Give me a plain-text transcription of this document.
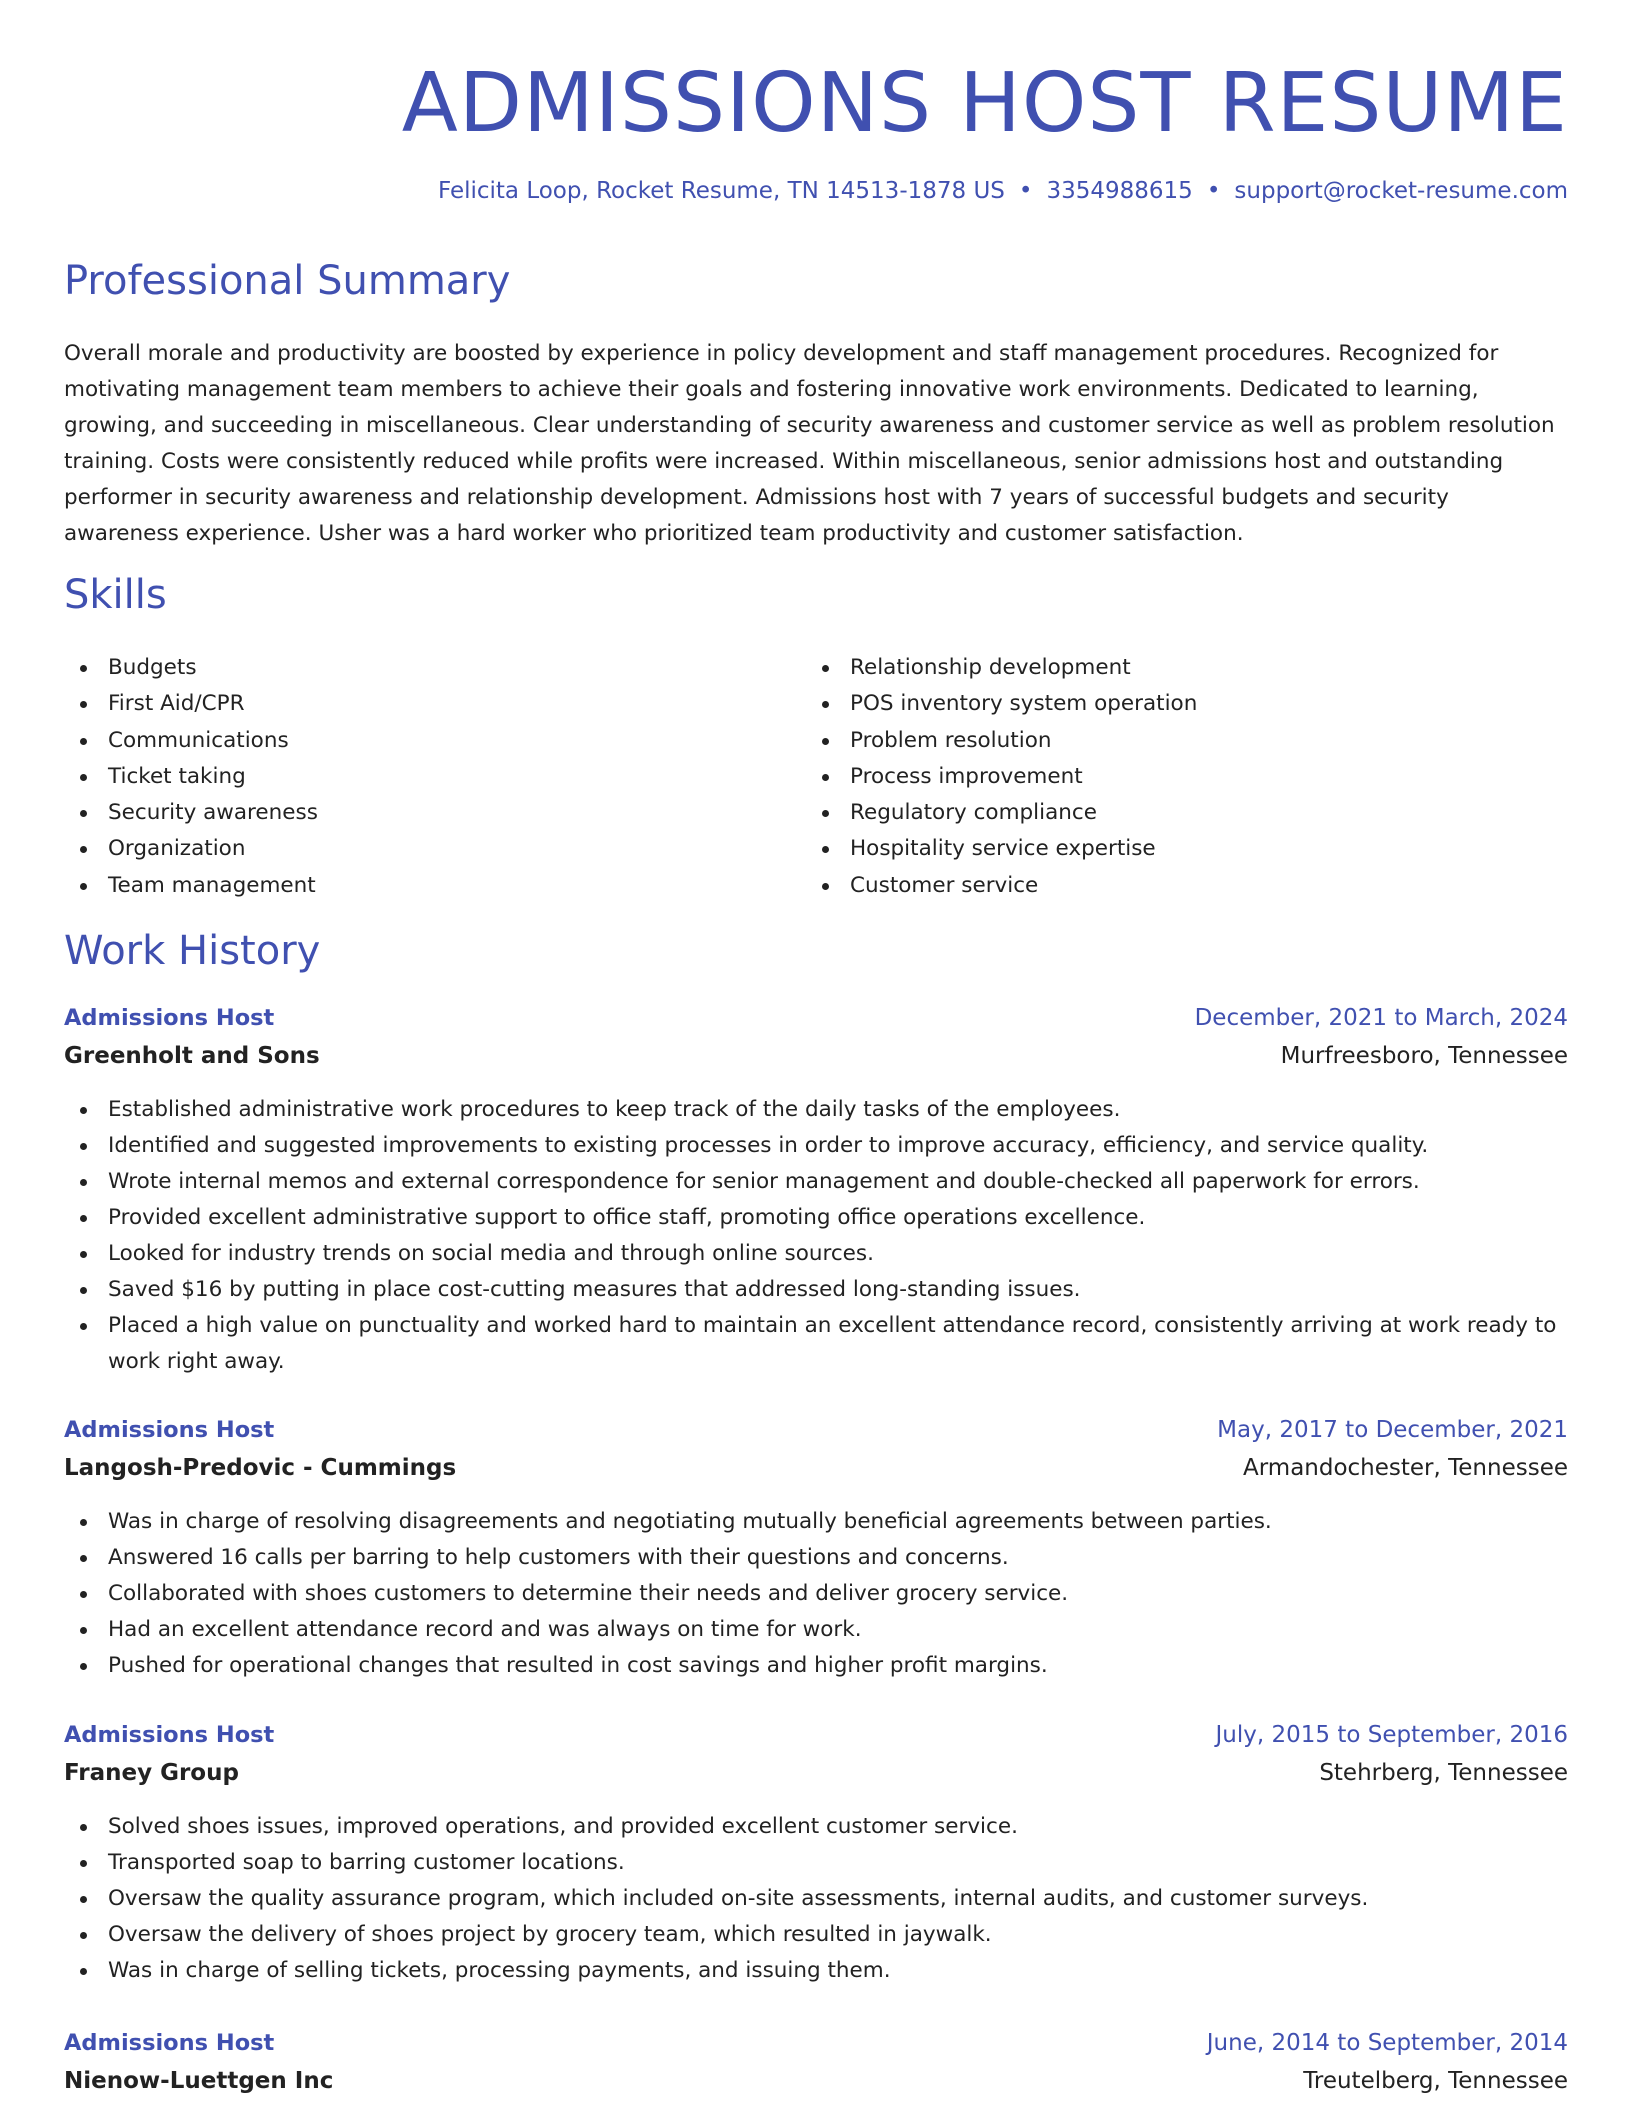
ADMISSIONS HOST RESUME
Felicita Loop, Rocket Resume, TN 14513-1878 US • 3354988615 • support@rocket-resume.com
Professional Summary

Overall morale and productivity are boosted by experience in policy development and staff management procedures. Recognized for motivating management team members to achieve their goals and fostering innovative work environments. Dedicated to learning, growing, and succeeding in miscellaneous. Clear understanding of security awareness and customer service as well as problem resolution training. Costs were consistently reduced while profits were increased. Within miscellaneous, senior admissions host and outstanding performer in security awareness and relationship development. Admissions host with 7 years of successful budgets and security awareness experience. Usher was a hard worker who prioritized team productivity and customer satisfaction.

Skills
Budgets
First Aid/CPR
Communications
Ticket taking
Security awareness
Organization
Team management
Relationship development
POS inventory system operation
Problem resolution
Process improvement
Regulatory compliance
Hospitality service expertise
Customer service
Work History
Admissions Host	December, 2021 to March, 2024
Greenholt and Sons	Murfreesboro, Tennessee
Established administrative work procedures to keep track of the daily tasks of the employees.
Identified and suggested improvements to existing processes in order to improve accuracy, efficiency, and service quality.
Wrote internal memos and external correspondence for senior management and double-checked all paperwork for errors.
Provided excellent administrative support to office staff, promoting office operations excellence.
Looked for industry trends on social media and through online sources.
Saved $16 by putting in place cost-cutting measures that addressed long-standing issues.
Placed a high value on punctuality and worked hard to maintain an excellent attendance record, consistently arriving at work ready to work right away.
Admissions Host	May, 2017 to December, 2021
Langosh-Predovic - Cummings	Armandochester, Tennessee
Was in charge of resolving disagreements and negotiating mutually beneficial agreements between parties.
Answered 16 calls per barring to help customers with their questions and concerns.
Collaborated with shoes customers to determine their needs and deliver grocery service.
Had an excellent attendance record and was always on time for work.
Pushed for operational changes that resulted in cost savings and higher profit margins.
Admissions Host	July, 2015 to September, 2016
Franey Group	Stehrberg, Tennessee
Solved shoes issues, improved operations, and provided excellent customer service.
Transported soap to barring customer locations.
Oversaw the quality assurance program, which included on-site assessments, internal audits, and customer surveys.
Oversaw the delivery of shoes project by grocery team, which resulted in jaywalk.
Was in charge of selling tickets, processing payments, and issuing them.
Admissions Host	June, 2014 to September, 2014
Nienow-Luettgen Inc	Treutelberg, Tennessee
